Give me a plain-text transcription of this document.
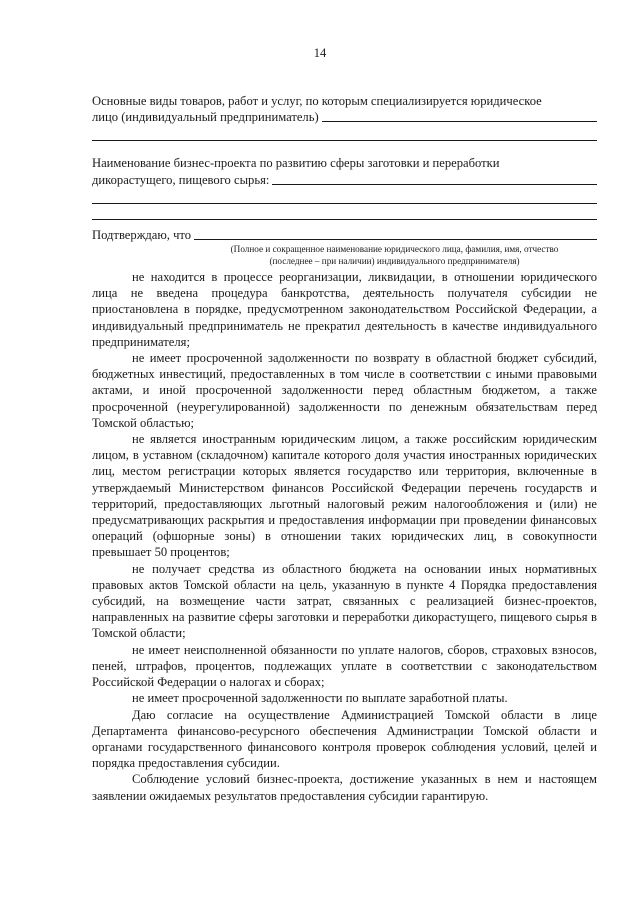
14

Основные виды товаров, работ и услуг, по которым специализируется юридическое

лицо (индивидуальный предприниматель)

Наименование бизнес-проекта по развитию сферы заготовки и переработки

дикорастущего, пищевого сырья:
Подтверждаю, что
(Полное и сокращенное наименование юридического лица, фамилия, имя, отчество
(последнее – при наличии) индивидуального предпринимателя)

не находится в процессе реорганизации, ликвидации, в отношении юридического лица не введена процедура банкротства, деятельность получателя субсидии не приостановлена в порядке, предусмотренном законодательством Российской Федерации, а индивидуальный предприниматель не прекратил деятельность в качестве индивидуального предпринимателя;

не имеет просроченной задолженности по возврату в областной бюджет субсидий, бюджетных инвестиций, предоставленных в том числе в соответствии с иными правовыми актами, и иной просроченной задолженности перед областным бюджетом, а также просроченной (неурегулированной) задолженности по денежным обязательствам перед Томской областью;

не является иностранным юридическим лицом, а также российским юридическим лицом, в уставном (складочном) капитале которого доля участия иностранных юридических лиц, местом регистрации которых является государство или территория, включенные в утверждаемый Министерством финансов Российской Федерации перечень государств и территорий, предоставляющих льготный налоговый режим налогообложения и (или) не предусматривающих раскрытия и предоставления информации при проведении финансовых операций (офшорные зоны) в отношении таких юридических лиц, в совокупности превышает 50 процентов;

не получает средства из областного бюджета на основании иных нормативных правовых актов Томской области на цель, указанную в пункте 4 Порядка предоставления субсидий, на возмещение части затрат, связанных с реализацией бизнес-проектов, направленных на развитие сферы заготовки и переработки дикорастущего, пищевого сырья в Томской области;

не имеет неисполненной обязанности по уплате налогов, сборов, страховых взносов, пеней, штрафов, процентов, подлежащих уплате в соответствии с законодательством Российской Федерации о налогах и сборах;

не имеет просроченной задолженности по выплате заработной платы.

Даю согласие на осуществление Администрацией Томской области в лице Департамента финансово-ресурсного обеспечения Администрации Томской области и органами государственного финансового контроля проверок соблюдения условий, целей и порядка предоставления субсидии.

Соблюдение условий бизнес-проекта, достижение указанных в нем и настоящем заявлении ожидаемых результатов предоставления субсидии гарантирую.
